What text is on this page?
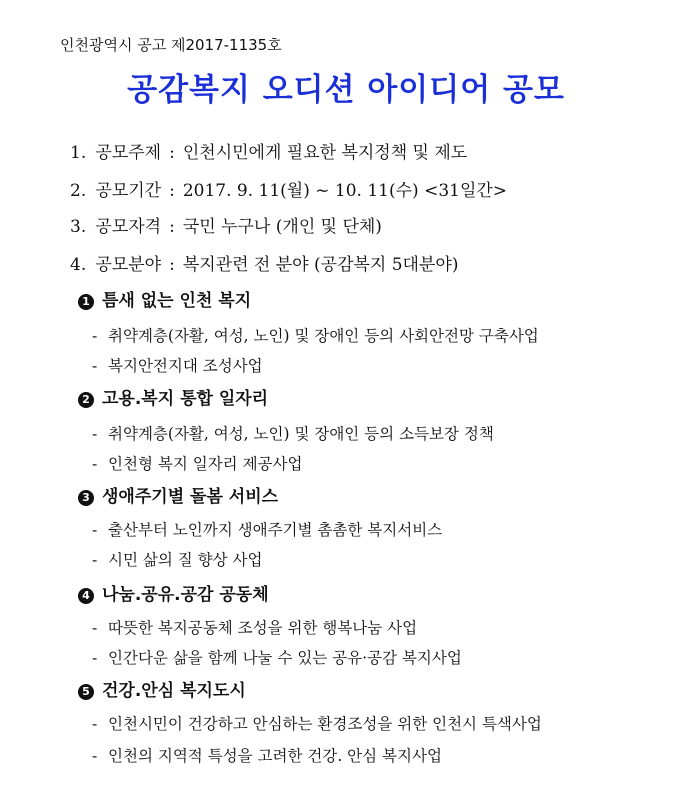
인천광역시 공고 제2017-1135호
공감복지 오디션 아이디어 공모
1. 공모주제 : 인천시민에게 필요한 복지정책 및 제도
2. 공모기간 : 2017. 9. 11(월) ~ 10. 11(수) <31일간>
3. 공모자격 : 국민 누구나 (개인 및 단체)
4. 공모분야 : 복지관련 전 분야 (공감복지 5대분야)
1 틈새 없는 인천 복지
- 취약계층(자활, 여성, 노인) 및 장애인 등의 사회안전망 구축사업
- 복지안전지대 조성사업
2 고용.복지 통합 일자리
- 취약계층(자활, 여성, 노인) 및 장애인 등의 소득보장 정책
- 인천형 복지 일자리 제공사업
3 생애주기별 돌봄 서비스
- 출산부터 노인까지 생애주기별 촘촘한 복지서비스
- 시민 삶의 질 향상 사업
4 나눔.공유.공감 공동체
- 따뜻한 복지공동체 조성을 위한 행복나눔 사업
- 인간다운 삶을 함께 나눌 수 있는 공유·공감 복지사업
5 건강.안심 복지도시
- 인천시민이 건강하고 안심하는 환경조성을 위한 인천시 특색사업
- 인천의 지역적 특성을 고려한 건강. 안심 복지사업
